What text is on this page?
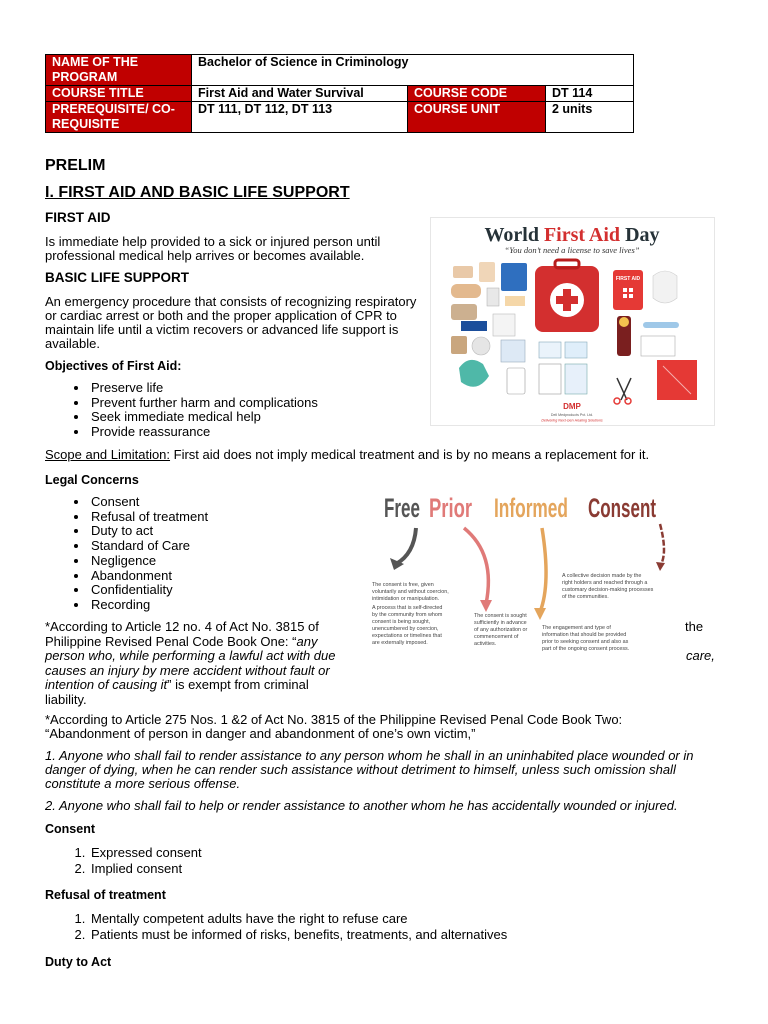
NAME OF THE PROGRAM	Bachelor of Science in Criminology		
COURSE TITLE	First Aid and Water Survival	COURSE CODE	DT 114
PREREQUISITE/ CO-REQUISITE	DT 111, DT 112, DT 113	COURSE UNIT	2 units
PRELIM
I. FIRST AID AND BASIC LIFE SUPPORT
FIRST AID
Is immediate help provided to a sick or injured person until professional medical help arrives or becomes available.
BASIC LIFE SUPPORT
An emergency procedure that consists of recognizing respiratory or cardiac arrest or both and the proper application of CPR to maintain life until a victim recovers or advanced life support is available.
Objectives of First Aid:
• Preserve life
• Prevent further harm and complications
• Seek immediate medical help
• Provide reassurance
Scope and Limitation: First aid does not imply medical treatment and is by no means a replacement for it.
Legal Concerns
• Consent
• Refusal of treatment
• Duty to act
• Standard of Care
• Negligence
• Abandonment
• Confidentiality
• Recording
*According to Article 12 no. 4 of Act No. 3815 of
Philippine Revised Penal Code Book One: “any
person who, while performing a lawful act with due
causes an injury by mere accident without fault or
intention of causing it” is exempt from criminal
liability.
the
care,
*According to Article 275 Nos. 1 &2 of Act No. 3815 of the Philippine Revised Penal Code Book Two:
“Abandonment of person in danger and abandonment of one’s own victim,”
1. Anyone who shall fail to render assistance to any person whom he shall in an uninhabited place wounded or in danger of dying, when he can render such assistance without detriment to himself, unless such omission shall constitute a more serious offense.
2. Anyone who shall fail to help or render assistance to another whom he has accidentally wounded or injured.
Consent
1. Expressed consent
2. Implied consent
Refusal of treatment
1. Mentally competent adults have the right to refuse care
2. Patients must be informed of risks, benefits, treatments, and alternatives
Duty to Act
World First Aid Day
“You don’t need a license to save lives”
FIRST AID
DMP
Dell Medproducts Pvt. Ltd.
Delivering Next-Gen Healing Solutions
Free Prior Informed Consent
The consent is free, given
voluntarily and without coercion,
intimidation or manipulation.
A process that is self-directed
by the community from whom
consent is being sought,
unencumbered by coercion,
expectations or timelines that
are externally imposed.
The consent is sought
sufficiently in advance
of any authorization or
commencement of
activities.
The engagement and type of
information that should be provided
prior to seeking consent and also as
part of the ongoing consent process.
A collective decision made by the
right holders and reached through a
customary decision-making processes
of the communities.
